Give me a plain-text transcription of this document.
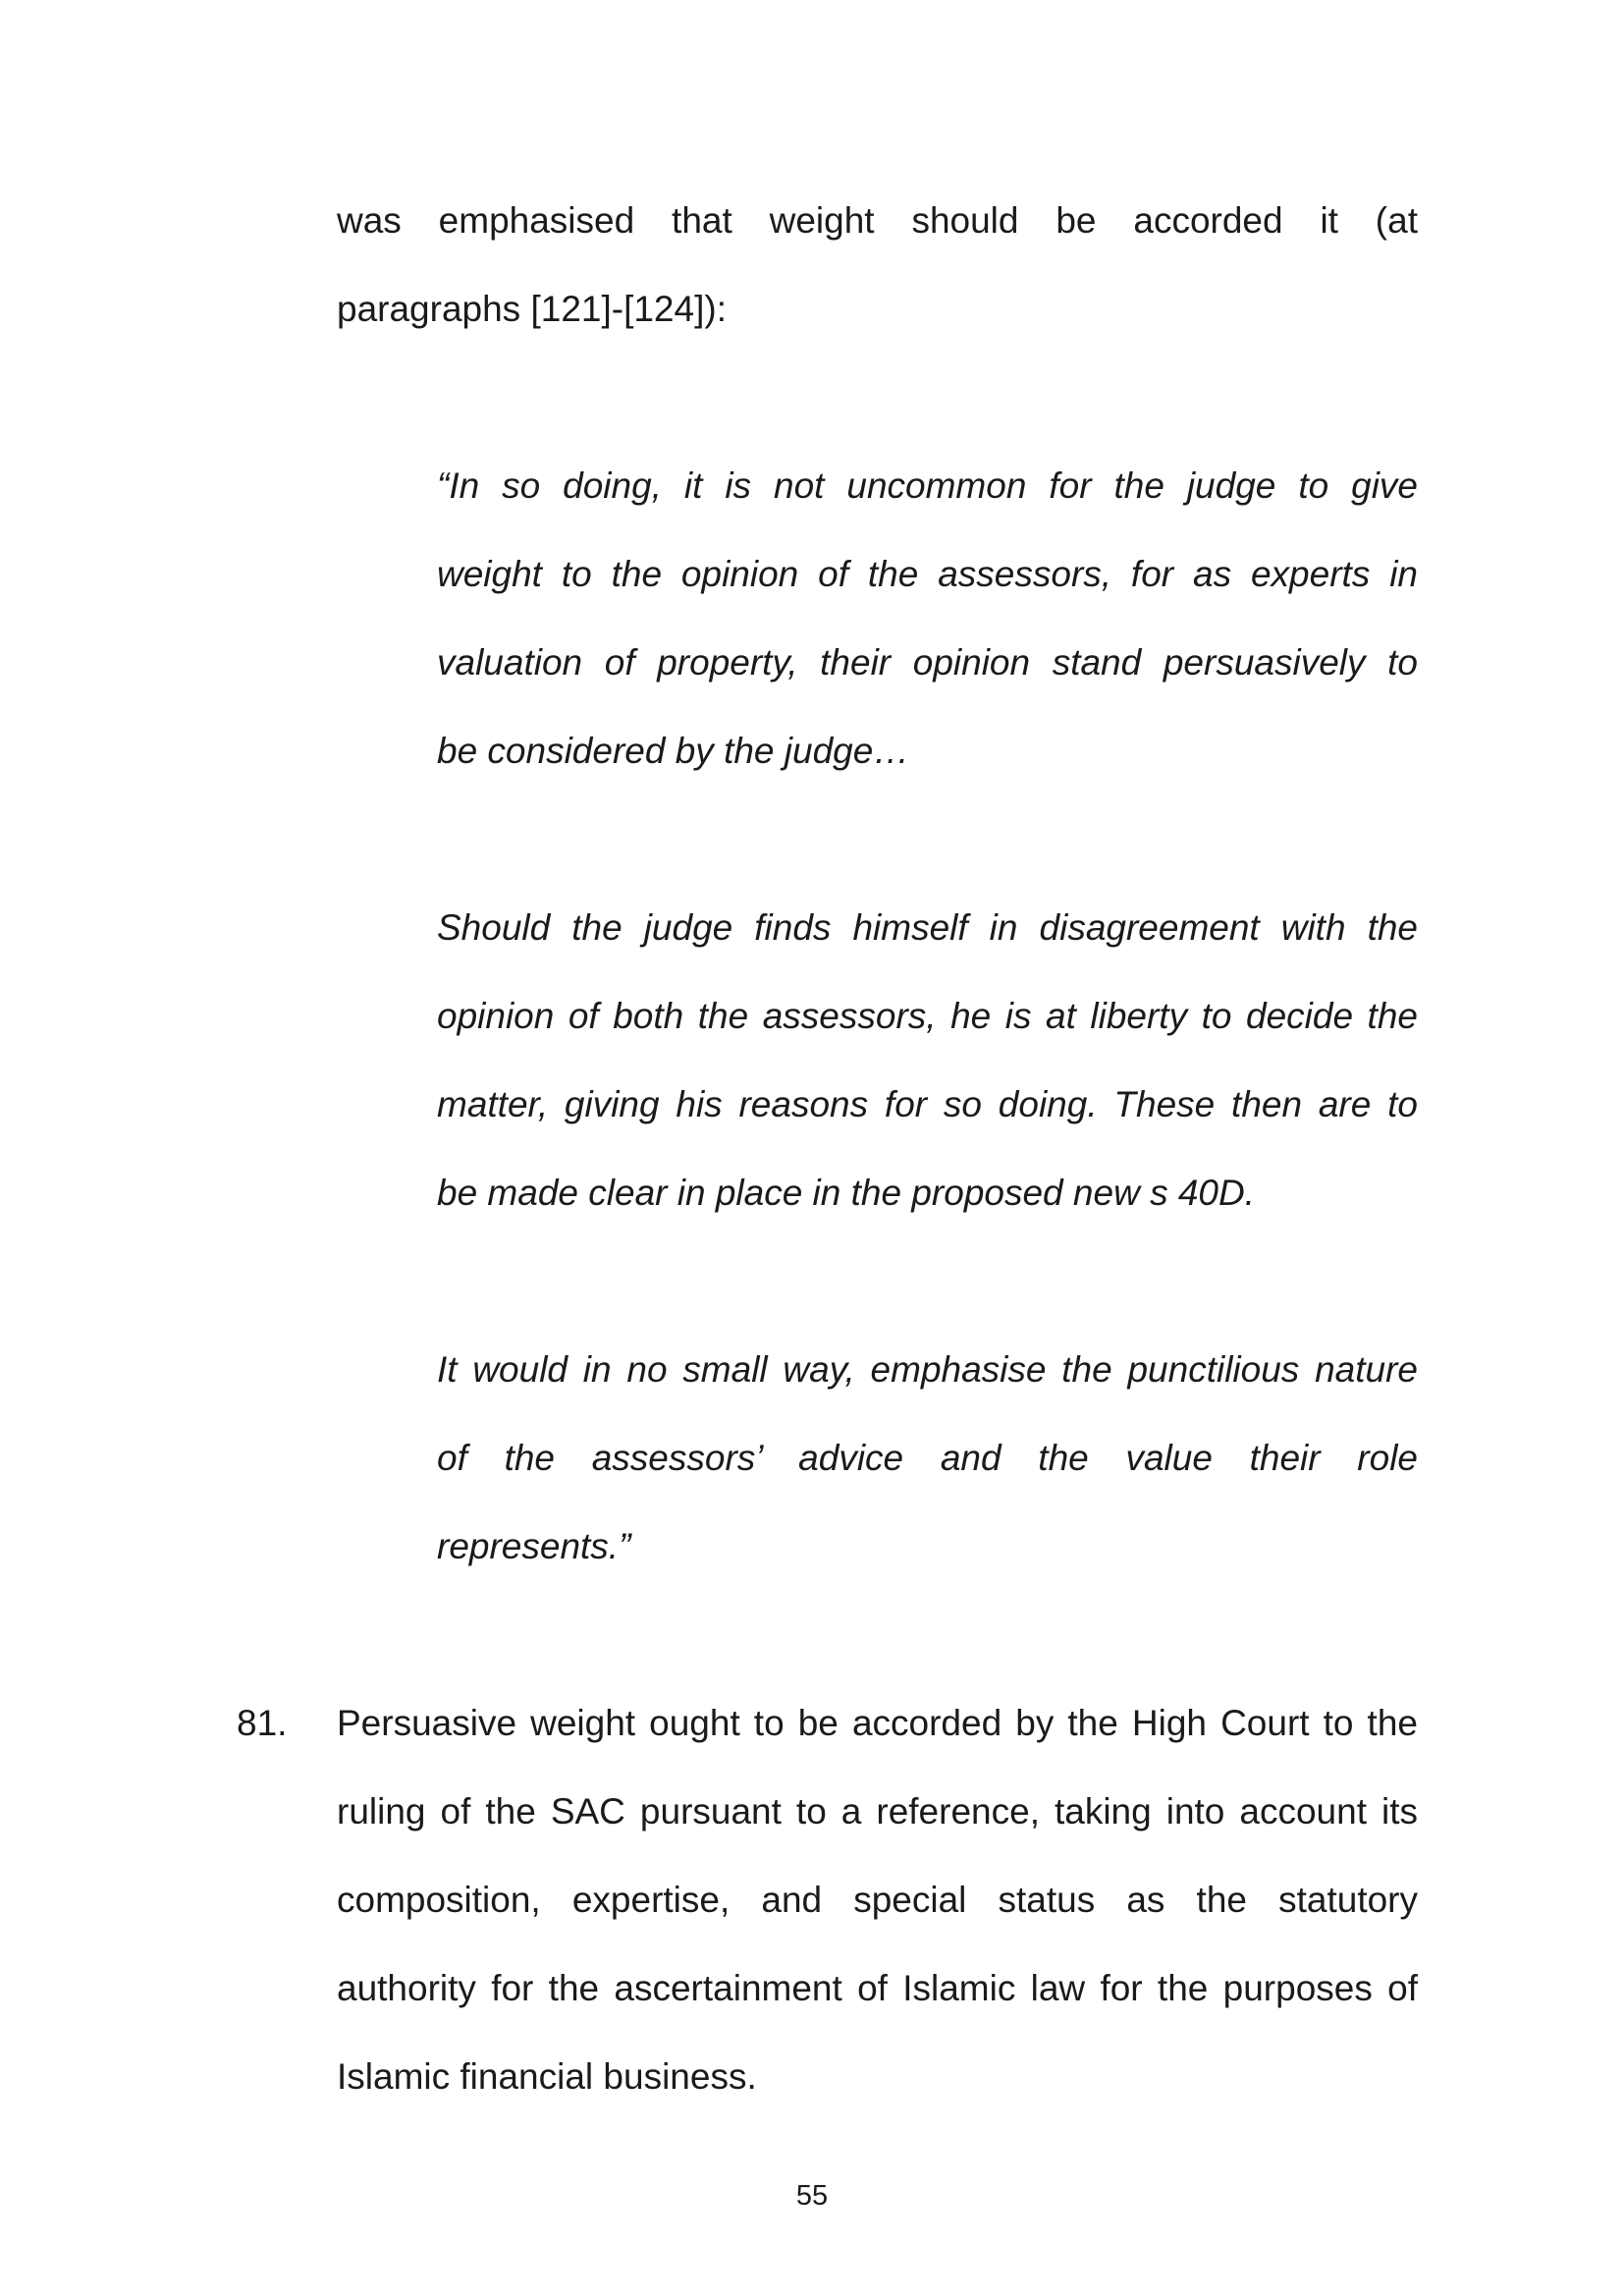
was emphasised that weight should be accorded it (at
paragraphs [121]-[124]):
“In so doing, it is not uncommon for the judge to give
weight to the opinion of the assessors, for as experts in
valuation of property, their opinion stand persuasively to
be considered by the judge…
Should the judge finds himself in disagreement with the
opinion of both the assessors, he is at liberty to decide the
matter, giving his reasons for so doing. These then are to
be made clear in place in the proposed new s 40D.
It would in no small way, emphasise the punctilious nature
of the assessors’ advice and the value their role
represents.”
81. Persuasive weight ought to be accorded by the High Court to the
ruling of the SAC pursuant to a reference, taking into account its
composition, expertise, and special status as the statutory
authority for the ascertainment of Islamic law for the purposes of
Islamic financial business.
55
